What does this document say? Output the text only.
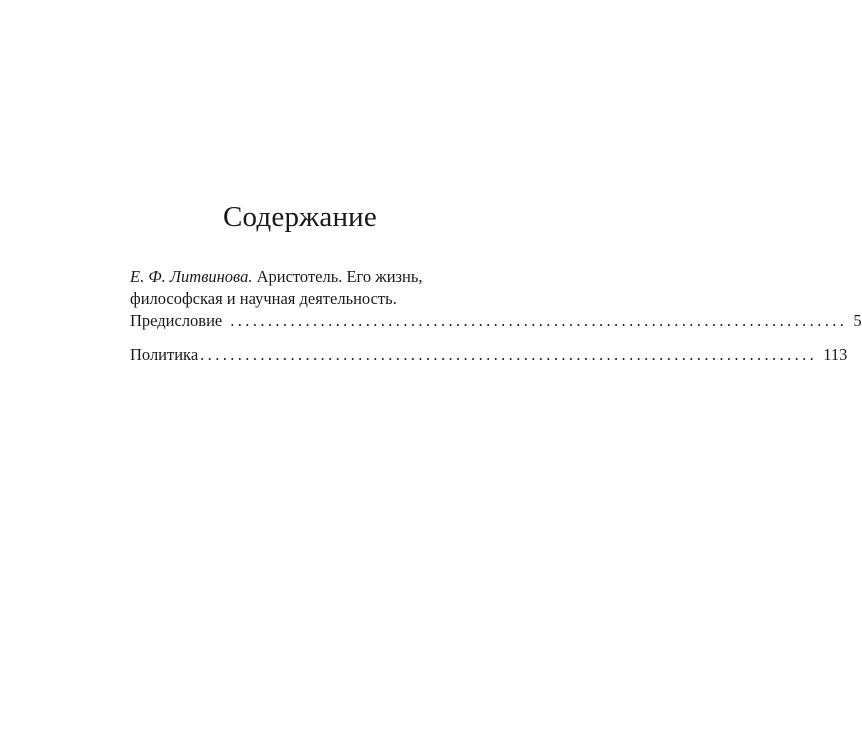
Содержание
Е. Ф. Литвинова. Аристотель. Его жизнь,
философская и научная деятельность.
Предисловие .................................................................................. 5
Политика .................................................................................. 113
